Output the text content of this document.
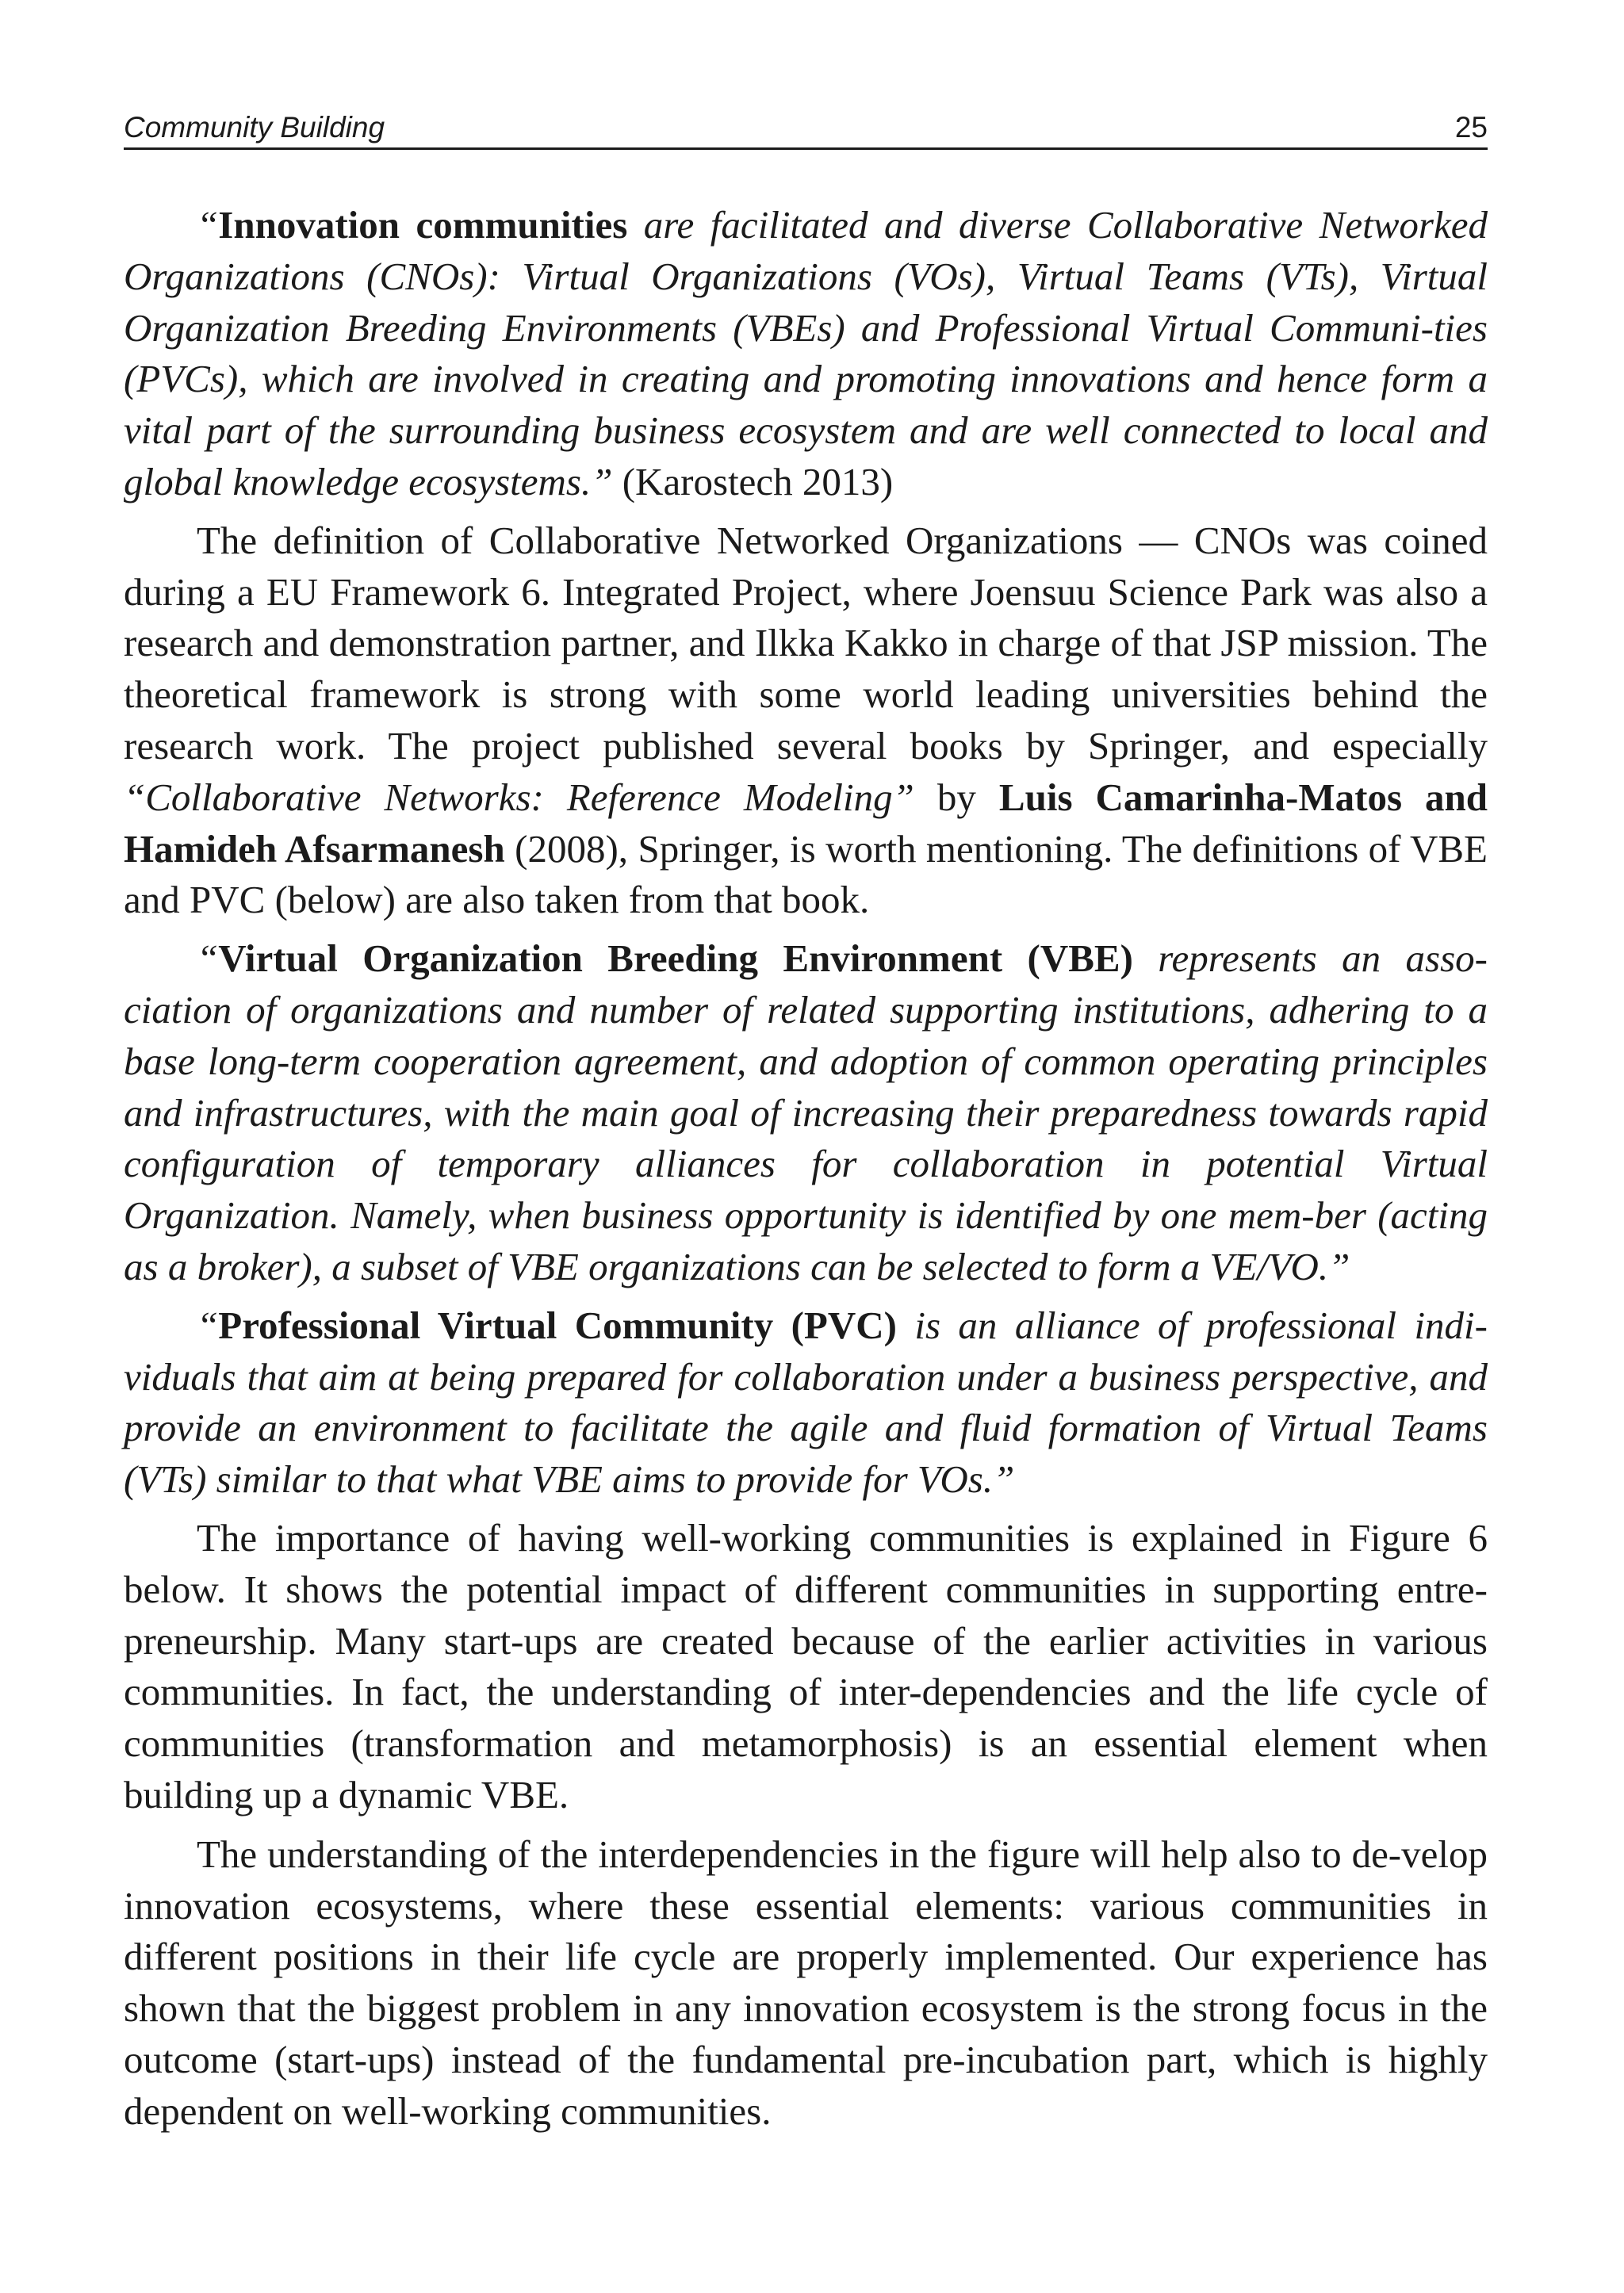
Community Building	25

“Innovation communities are facilitated and diverse Collaborative Networked Organizations (CNOs): Virtual Organizations (VOs), Virtual Teams (VTs), Virtual Organization Breeding Environments (VBEs) and Professional Virtual Communi-ties (PVCs), which are involved in creating and promoting innovations and hence form a vital part of the surrounding business ecosystem and are well connected to local and global knowledge ecosystems.” (Karostech 2013)

The definition of Collaborative Networked Organizations — CNOs was coined during a EU Framework 6. Integrated Project, where Joensuu Science Park was also a research and demonstration partner, and Ilkka Kakko in charge of that JSP mission. The theoretical framework is strong with some world leading universities behind the research work. The project published several books by Springer, and especially “Collaborative Networks: Reference Modeling” by Luis Camarinha-Matos and Hamideh Afsarmanesh (2008), Springer, is worth mentioning. The definitions of VBE and PVC (below) are also taken from that book.

“Virtual Organization Breeding Environment (VBE) represents an asso-ciation of organizations and number of related supporting institutions, adhering to a base long-term cooperation agreement, and adoption of common operating principles and infrastructures, with the main goal of increasing their preparedness towards rapid configuration of temporary alliances for collaboration in potential Virtual Organization. Namely, when business opportunity is identified by one mem-ber (acting as a broker), a subset of VBE organizations can be selected to form a VE/VO.”

“Professional Virtual Community (PVC) is an alliance of professional indi-viduals that aim at being prepared for collaboration under a business perspective, and provide an environment to facilitate the agile and fluid formation of Virtual Teams (VTs) similar to that what VBE aims to provide for VOs.”

The importance of having well-working communities is explained in Figure 6 below. It shows the potential impact of different communities in supporting entre-preneurship. Many start-ups are created because of the earlier activities in various communities. In fact, the understanding of inter-dependencies and the life cycle of communities (transformation and metamorphosis) is an essential element when building up a dynamic VBE.

The understanding of the interdependencies in the figure will help also to de-velop innovation ecosystems, where these essential elements: various communities in different positions in their life cycle are properly implemented. Our experience has shown that the biggest problem in any innovation ecosystem is the strong focus in the outcome (start-ups) instead of the fundamental pre-incubation part, which is highly dependent on well-working communities.
